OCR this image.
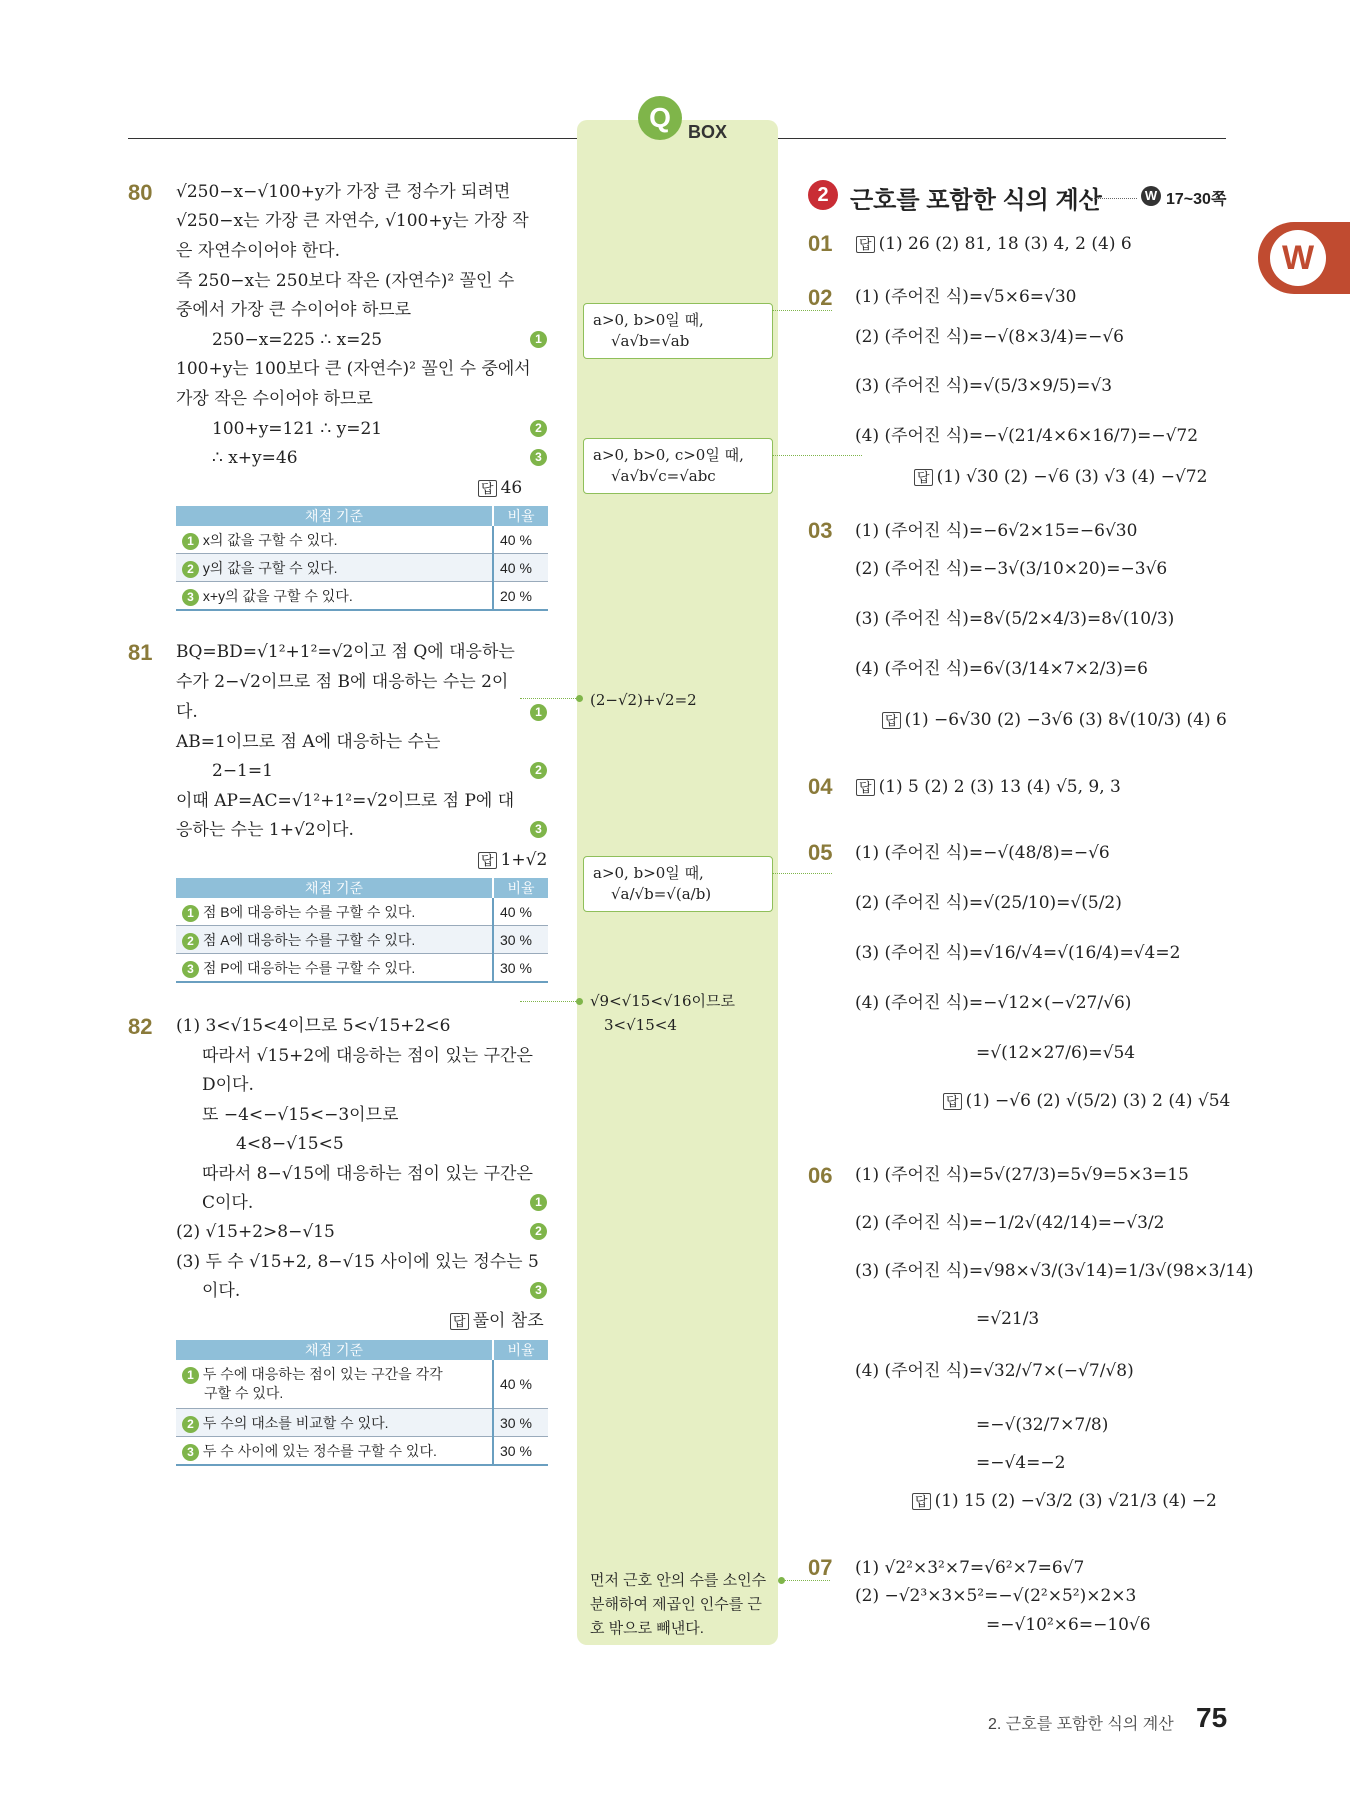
Q BOX
W
80 √250−x−√100+y가 가장 큰 정수가 되려면
√250−x는 가장 큰 자연수, √100+y는 가장 작
은 자연수이어야 한다.
즉 250−x는 250보다 작은 (자연수)² 꼴인 수
중에서 가장 큰 수이어야 하므로
250−x=225 ∴ x=25
100+y는 100보다 큰 (자연수)² 꼴인 수 중에서
가장 작은 수이어야 하므로
100+y=121 ∴ y=21
∴ x+y=46
1
2
3
답 46
채점 기준	비율
1 x의 값을 구할 수 있다.	40 %
2 y의 값을 구할 수 있다.	40 %
3 x+y의 값을 구할 수 있다.	20 %
81 BQ=BD=√1²+1²=√2이고 점 Q에 대응하는
수가 2−√2이므로 점 B에 대응하는 수는 2이
다.
AB=1이므로 점 A에 대응하는 수는
2−1=1
이때 AP=AC=√1²+1²=√2이므로 점 P에 대
응하는 수는 1+√2이다.
1
2
3
답 1+√2
채점 기준	비율
1 점 B에 대응하는 수를 구할 수 있다.	40 %
2 점 A에 대응하는 수를 구할 수 있다.	30 %
3 점 P에 대응하는 수를 구할 수 있다.	30 %
82 (1) 3<√15<4이므로 5<√15+2<6
따라서 √15+2에 대응하는 점이 있는 구간은
D이다.
또 −4<−√15<−3이므로
4<8−√15<5
따라서 8−√15에 대응하는 점이 있는 구간은
C이다.
(2) √15+2>8−√15
(3) 두 수 √15+2, 8−√15 사이에 있는 정수는 5
이다.
1
2
3
답 풀이 참조
채점 기준	비율
1 두 수에 대응하는 점이 있는 구간을 각각
구할 수 있다.	40 %
2 두 수의 대소를 비교할 수 있다.	30 %
3 두 수 사이에 있는 정수를 구할 수 있다.	30 %
a>0, b>0일 때,
√a√b=√ab
a>0, b>0, c>0일 때,
√a√b√c=√abc
(2−√2)+√2=2
a>0, b>0일 때,
√a/√b=√(a/b)
√9<√15<√16이므로
3<√15<4
먼저 근호 안의 수를 소인수
분해하여 제곱인 인수를 근
호 밖으로 빼낸다.
2 근호를 포함한 식의 계산	W 17~30쪽
01 답 (1) 26 (2) 81, 18 (3) 4, 2 (4) 6
02 (1) (주어진 식)=√5×6=√30
(2) (주어진 식)=−√(8×3/4)=−√6
(3) (주어진 식)=√(5/3×9/5)=√3
(4) (주어진 식)=−√(21/4×6×16/7)=−√72
답 (1) √30 (2) −√6 (3) √3 (4) −√72
03 (1) (주어진 식)=−6√2×15=−6√30
(2) (주어진 식)=−3√(3/10×20)=−3√6
(3) (주어진 식)=8√(5/2×4/3)=8√(10/3)
(4) (주어진 식)=6√(3/14×7×2/3)=6
답 (1) −6√30 (2) −3√6 (3) 8√(10/3) (4) 6
04 답 (1) 5 (2) 2 (3) 13 (4) √5, 9, 3
05 (1) (주어진 식)=−√(48/8)=−√6
(2) (주어진 식)=√(25/10)=√(5/2)
(3) (주어진 식)=√16/√4=√(16/4)=√4=2
(4) (주어진 식)=−√12×(−√27/√6)
=√(12×27/6)=√54
답 (1) −√6 (2) √(5/2) (3) 2 (4) √54
06 (1) (주어진 식)=5√(27/3)=5√9=5×3=15
(2) (주어진 식)=−1/2√(42/14)=−√3/2
(3) (주어진 식)=√98×√3/(3√14)=1/3√(98×3/14)
=√21/3
(4) (주어진 식)=√32/√7×(−√7/√8)
=−√(32/7×7/8)
=−√4=−2
답 (1) 15 (2) −√3/2 (3) √21/3 (4) −2
07 (1) √2²×3²×7=√6²×7=6√7
(2) −√2³×3×5²=−√(2²×5²)×2×3
=−√10²×6=−10√6
2. 근호를 포함한 식의 계산 75
